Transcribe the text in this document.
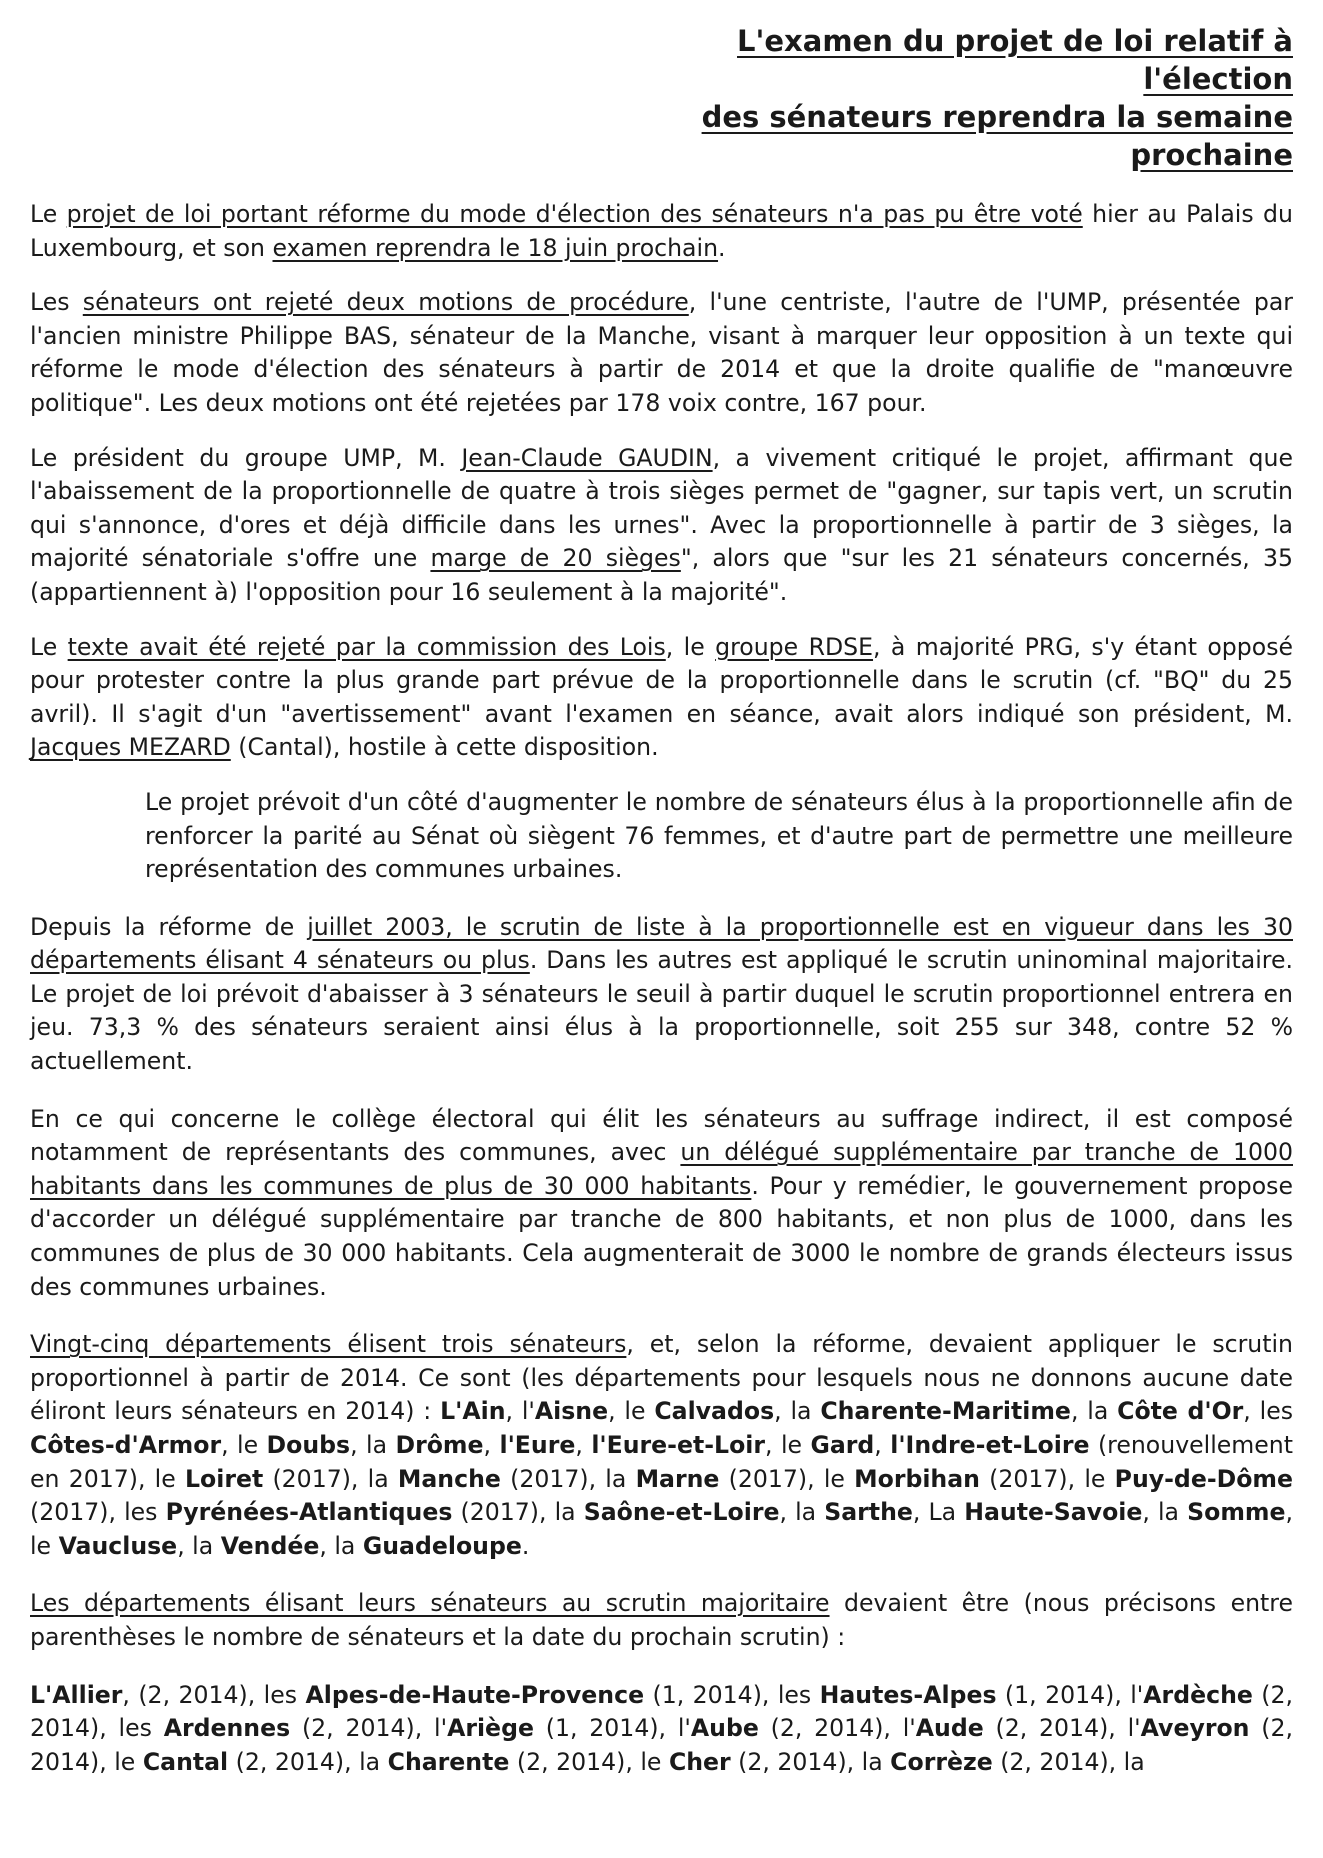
L'examen du projet de loi relatif à l'élection
des sénateurs reprendra la semaine prochaine

Le projet de loi portant réforme du mode d'élection des sénateurs n'a pas pu être voté hier au Palais du Luxembourg, et son examen reprendra le 18 juin prochain.

Les sénateurs ont rejeté deux motions de procédure, l'une centriste, l'autre de l'UMP, présentée par l'ancien ministre Philippe BAS, sénateur de la Manche, visant à marquer leur opposition à un texte qui réforme le mode d'élection des sénateurs à partir de 2014 et que la droite qualifie de "manœuvre politique". Les deux motions ont été rejetées par 178 voix contre, 167 pour.

Le président du groupe UMP, M. Jean-Claude GAUDIN, a vivement critiqué le projet, affirmant que l'abaissement de la proportionnelle de quatre à trois sièges permet de "gagner, sur tapis vert, un scrutin qui s'annonce, d'ores et déjà difficile dans les urnes". Avec la proportionnelle à partir de 3 sièges, la majorité sénatoriale s'offre une marge de 20 sièges", alors que "sur les 21 sénateurs concernés, 35 (appartiennent à) l'opposition pour 16 seulement à la majorité".

Le texte avait été rejeté par la commission des Lois, le groupe RDSE, à majorité PRG, s'y étant opposé pour protester contre la plus grande part prévue de la proportionnelle dans le scrutin (cf. "BQ" du 25 avril). Il s'agit d'un "avertissement" avant l'examen en séance, avait alors indiqué son président, M. Jacques MEZARD (Cantal), hostile à cette disposition.

Le projet prévoit d'un côté d'augmenter le nombre de sénateurs élus à la proportionnelle afin de renforcer la parité au Sénat où siègent 76 femmes, et d'autre part de permettre une meilleure représentation des communes urbaines.

Depuis la réforme de juillet 2003, le scrutin de liste à la proportionnelle est en vigueur dans les 30 départements élisant 4 sénateurs ou plus. Dans les autres est appliqué le scrutin uninominal majoritaire. Le projet de loi prévoit d'abaisser à 3 sénateurs le seuil à partir duquel le scrutin proportionnel entrera en jeu. 73,3 % des sénateurs seraient ainsi élus à la proportionnelle, soit 255 sur 348, contre 52 % actuellement.

En ce qui concerne le collège électoral qui élit les sénateurs au suffrage indirect, il est composé notamment de représentants des communes, avec un délégué supplémentaire par tranche de 1000 habitants dans les communes de plus de 30 000 habitants. Pour y remédier, le gouvernement propose d'accorder un délégué supplémentaire par tranche de 800 habitants, et non plus de 1000, dans les communes de plus de 30 000 habitants. Cela augmenterait de 3000 le nombre de grands électeurs issus des communes urbaines.

Vingt-cinq départements élisent trois sénateurs, et, selon la réforme, devaient appliquer le scrutin proportionnel à partir de 2014. Ce sont (les départements pour lesquels nous ne donnons aucune date éliront leurs sénateurs en 2014) : L'Ain, l'Aisne, le Calvados, la Charente-Maritime, la Côte d'Or, les Côtes-d'Armor, le Doubs, la Drôme, l'Eure, l'Eure-et-Loir, le Gard, l'Indre-et-Loire (renouvellement en 2017), le Loiret (2017), la Manche (2017), la Marne (2017), le Morbihan (2017), le Puy-de-Dôme (2017), les Pyrénées-Atlantiques (2017), la Saône-et-Loire, la Sarthe, La Haute-Savoie, la Somme, le Vaucluse, la Vendée, la Guadeloupe.

Les départements élisant leurs sénateurs au scrutin majoritaire devaient être (nous précisons entre parenthèses le nombre de sénateurs et la date du prochain scrutin) :

L'Allier, (2, 2014), les Alpes-de-Haute-Provence (1, 2014), les Hautes-Alpes (1, 2014), l'Ardèche (2, 2014), les Ardennes (2, 2014), l'Ariège (1, 2014), l'Aube (2, 2014), l'Aude (2, 2014), l'Aveyron (2, 2014), le Cantal (2, 2014), la Charente (2, 2014), le Cher (2, 2014), la Corrèze (2, 2014), la
